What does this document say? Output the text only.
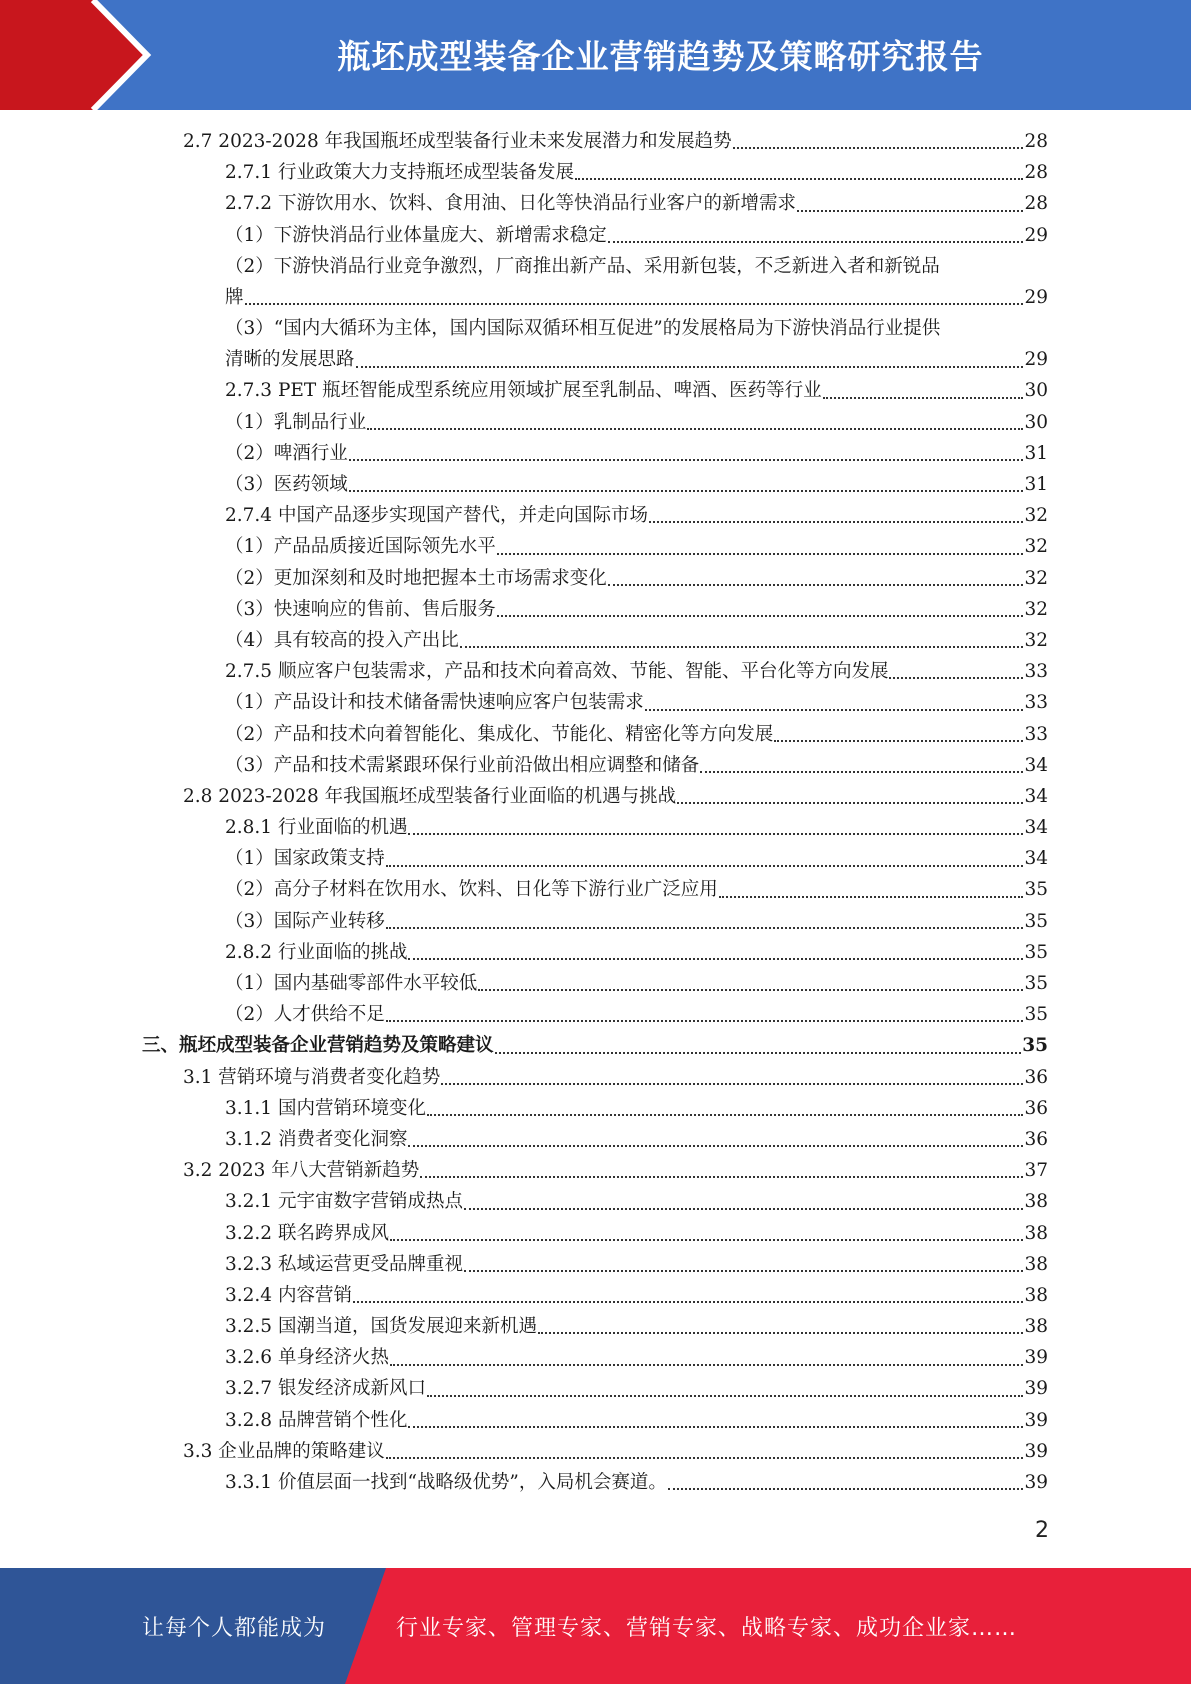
瓶坯成型装备企业营销趋势及策略研究报告
2.7 2023-2028 年我国瓶坯成型装备行业未来发展潜力和发展趋势	28
2.7.1 行业政策大力支持瓶坯成型装备发展	28
2.7.2 下游饮用水、饮料、食用油、日化等快消品行业客户的新增需求	28
（1）下游快消品行业体量庞大、新增需求稳定	29
（2）下游快消品行业竞争激烈，厂商推出新产品、采用新包装，不乏新进入者和新锐品
牌	29
（3）“国内大循环为主体，国内国际双循环相互促进”的发展格局为下游快消品行业提供
清晰的发展思路	29
2.7.3 PET 瓶坯智能成型系统应用领域扩展至乳制品、啤酒、医药等行业	30
（1）乳制品行业	30
（2）啤酒行业	31
（3）医药领域	31
2.7.4 中国产品逐步实现国产替代，并走向国际市场	32
（1）产品品质接近国际领先水平	32
（2）更加深刻和及时地把握本土市场需求变化	32
（3）快速响应的售前、售后服务	32
（4）具有较高的投入产出比	32
2.7.5 顺应客户包装需求，产品和技术向着高效、节能、智能、平台化等方向发展	33
（1）产品设计和技术储备需快速响应客户包装需求	33
（2）产品和技术向着智能化、集成化、节能化、精密化等方向发展	33
（3）产品和技术需紧跟环保行业前沿做出相应调整和储备	34
2.8 2023-2028 年我国瓶坯成型装备行业面临的机遇与挑战	34
2.8.1 行业面临的机遇	34
（1）国家政策支持	34
（2）高分子材料在饮用水、饮料、日化等下游行业广泛应用	35
（3）国际产业转移	35
2.8.2 行业面临的挑战	35
（1）国内基础零部件水平较低	35
（2）人才供给不足	35
三、瓶坯成型装备企业营销趋势及策略建议	35
3.1 营销环境与消费者变化趋势	36
3.1.1 国内营销环境变化	36
3.1.2 消费者变化洞察	36
3.2 2023 年八大营销新趋势	37
3.2.1 元宇宙数字营销成热点	38
3.2.2 联名跨界成风	38
3.2.3 私域运营更受品牌重视	38
3.2.4 内容营销	38
3.2.5 国潮当道，国货发展迎来新机遇	38
3.2.6 单身经济火热	39
3.2.7 银发经济成新风口	39
3.2.8 品牌营销个性化	39
3.3 企业品牌的策略建议	39
3.3.1 价值层面一找到“战略级优势”，入局机会赛道。	39
2
让每个人都能成为	行业专家、管理专家、营销专家、战略专家、成功企业家……
